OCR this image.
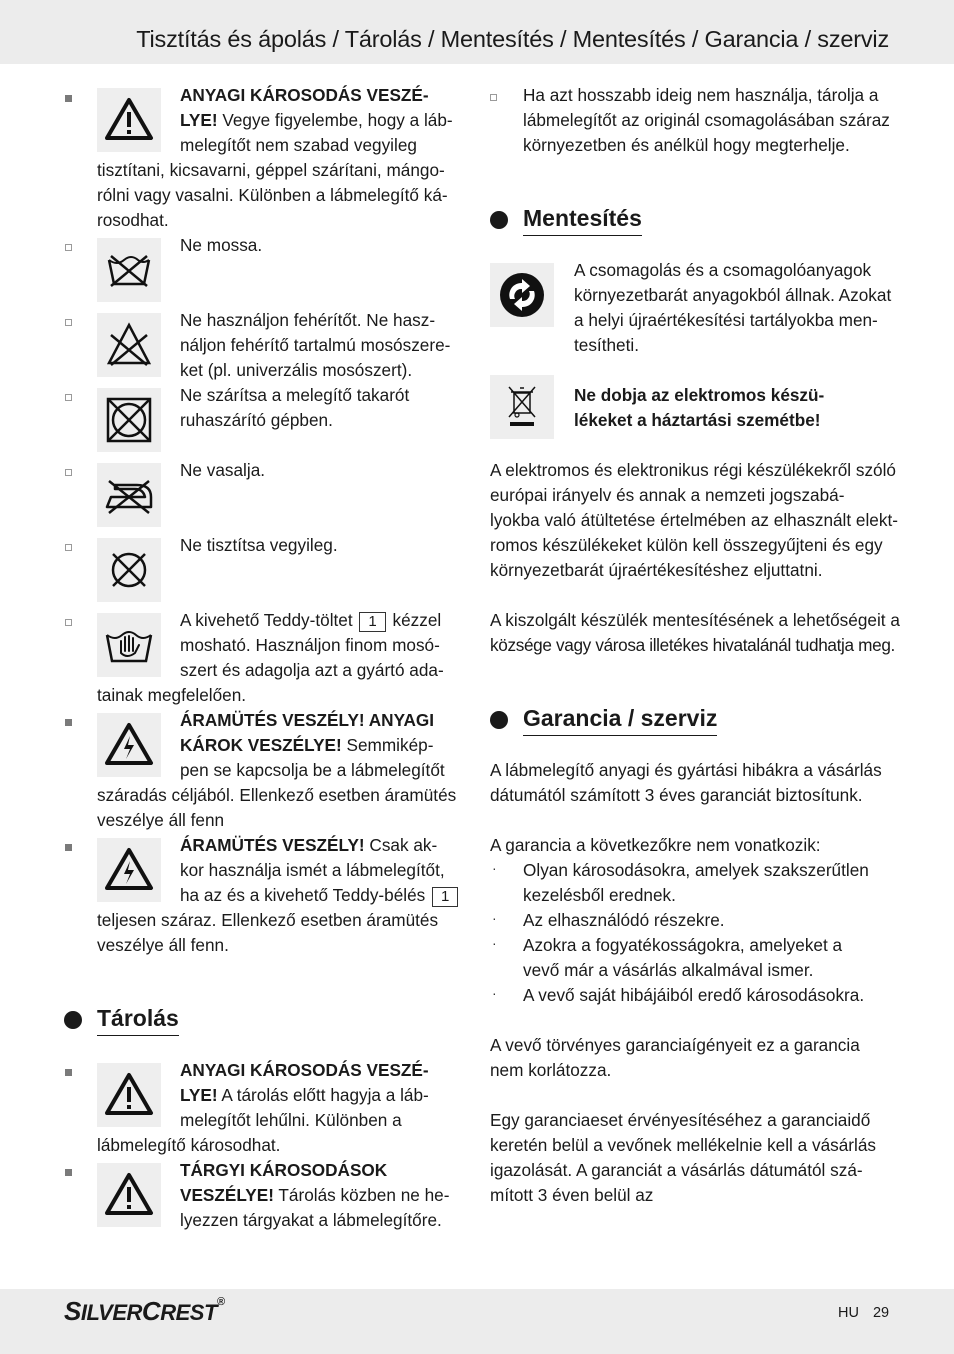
Tisztítás és ápolás / Tárolás / Mentesítés / Mentesítés / Garancia / szerviz
ANYAGI KÁROSODÁS VESZÉ-
LYE! Vegye figyelembe, hogy a láb-
melegítőt nem szabad vegyileg
tisztítani, kicsavarni, géppel szárítani, mángo-
rólni vagy vasalni. Különben a lábmelegítő ká-
rosodhat.
Ne mossa.
Ne használjon fehérítőt. Ne hasz-
náljon fehérítő tartalmú mosószere-
ket (pl. univerzális mosószert).
Ne szárítsa a melegítő takarót
ruhaszárító gépben.
Ne vasalja.
Ne tisztítsa vegyileg.
A kivehető Teddy-töltet 1 kézzel
mosható. Használjon finom mosó-
szert és adagolja azt a gyártó ada-
tainak megfelelően.
ÁRAMÜTÉS VESZÉLY! ANYAGI
KÁROK VESZÉLYE! Semmikép-
pen se kapcsolja be a lábmelegítőt
száradás céljából. Ellenkező esetben áramütés
veszélye áll fenn
ÁRAMÜTÉS VESZÉLY! Csak ak-
kor használja ismét a lábmelegítőt,
ha az és a kivehető Teddy-bélés 1
teljesen száraz. Ellenkező esetben áramütés
veszélye áll fenn.
Tárolás
ANYAGI KÁROSODÁS VESZÉ-
LYE! A tárolás előtt hagyja a láb-
melegítőt lehűlni. Különben a
lábmelegítő károsodhat.
TÁRGYI KÁROSODÁSOK
VESZÉLYE! Tárolás közben ne he-
lyezzen tárgyakat a lábmelegítőre.
Ha azt hosszabb ideig nem használja, tárolja a
lábmelegítőt az originál csomagolásában száraz
környezetben és anélkül hogy megterhelje.
Mentesítés
A csomagolás és a csomagolóanyagok
környezetbarát anyagokból állnak. Azokat
a helyi újraértékesítési tartályokba men-
tesítheti.
Ne dobja az elektromos készü-
lékeket a háztartási szemétbe!
A elektromos és elektronikus régi készülékekről szóló
európai irányelv és annak a nemzeti jogszabá-
lyokba való átültetése értelmében az elhasznált elekt-
romos készülékeket külön kell összegyűjteni és egy
környezetbarát újraértékesítéshez eljuttatni.
A kiszolgált készülék mentesítésének a lehetőségeit a
községe vagy városa illetékes hivatalánál tudhatja meg.
Garancia / szerviz
A lábmelegítő anyagi és gyártási hibákra a vásárlás
dátumától számított 3 éves garanciát biztosítunk.
A garancia a következőkre nem vonatkozik:
· Olyan károsodásokra, amelyek szakszerűtlen
kezelésből erednek.
· Az elhasználódó részekre.
· Azokra a fogyatékosságokra, amelyeket a
vevő már a vásárlás alkalmával ismer.
· A vevő saját hibájáiból eredő károsodásokra.
A vevő törvényes garanciaígényeit ez a garancia
nem korlátozza.
Egy garanciaeset érvényesítéséhez a garanciaidő
keretén belül a vevőnek mellékelnie kell a vásárlás
igazolását. A garanciát a vásárlás dátumától szá-
mított 3 éven belül az
SILVERCREST®
HU 29
